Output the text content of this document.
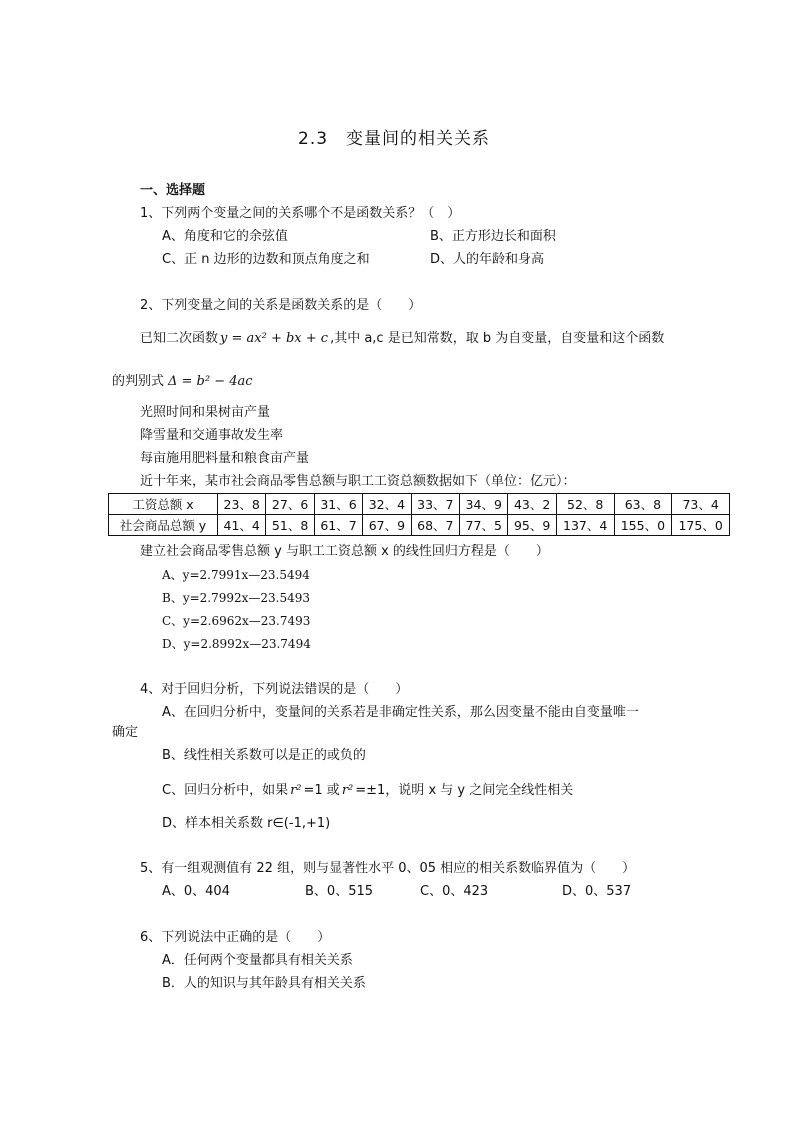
2.3　变量间的相关关系
一、选择题
1、下列两个变量之间的关系哪个不是函数关系？（　）
A、角度和它的余弦值	B、正方形边长和面积
C、正 n 边形的边数和顶点角度之和	D、人的年龄和身高
2、下列变量之间的关系是函数关系的是（　　）
已知二次函数 y = ax² + bx + c ,其中 a,c 是已知常数，取 b 为自变量，自变量和这个函数
的判别式 Δ = b² − 4ac
光照时间和果树亩产量
降雪量和交通事故发生率
每亩施用肥料量和粮食亩产量
近十年来，某市社会商品零售总额与职工工资总额数据如下（单位：亿元）：
工资总额 x	23、8	27、6	31、6	32、4	33、7	34、9	43、2	52、8	63、8	73、4
社会商品总额 y	41、4	51、8	61、7	67、9	68、7	77、5	95、9	137、4	155、0	175、0
建立社会商品零售总额 y 与职工工资总额 x 的线性回归方程是（　　）
A、y=2.7991x—23.5494
B、y=2.7992x—23.5493
C、y=2.6962x—23.7493
D、y=2.8992x—23.7494
4、对于回归分析，下列说法错误的是（　　）
A、在回归分析中，变量间的关系若是非确定性关系，那么因变量不能由自变量唯一
确定
B、线性相关系数可以是正的或负的
C、回归分析中，如果 r² =1 或 r² =±1，说明 x 与 y 之间完全线性相关
D、样本相关系数 r∈(-1,+1)
5、有一组观测值有 22 组，则与显著性水平 0、05 相应的相关系数临界值为（　　）
A、0、404	B、0、515	C、0、423	D、0、537
6、下列说法中正确的是（　　）
A．任何两个变量都具有相关关系
B．人的知识与其年龄具有相关关系
